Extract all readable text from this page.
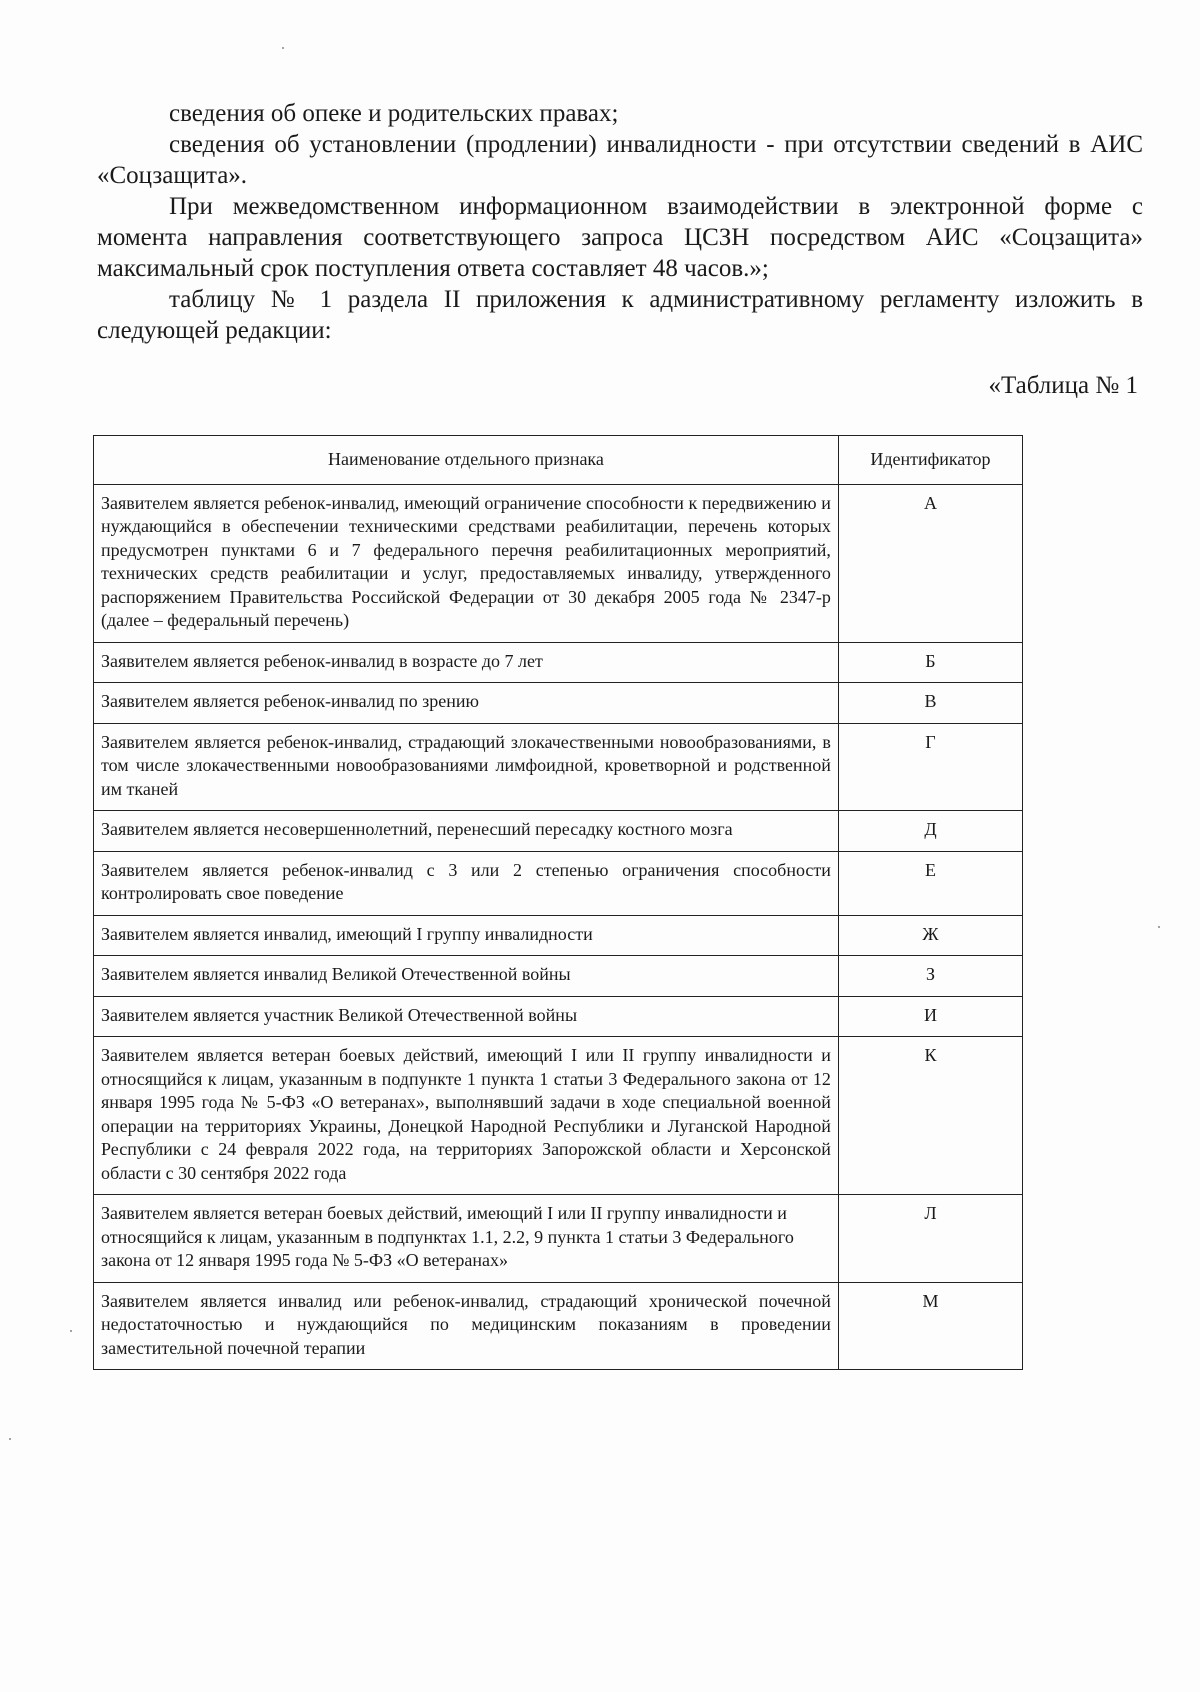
сведения об опеке и родительских правах;

сведения об установлении (продлении) инвалидности - при отсутствии сведений в АИС «Соцзащита».

При межведомственном информационном взаимодействии в электронной форме с момента направления соответствующего запроса ЦСЗН посредством АИС «Соцзащита» максимальный срок поступления ответа составляет 48 часов.»;

таблицу № 1 раздела II приложения к административному регламенту изложить в следующей редакции:

«Таблица № 1
Наименование отдельного признака	Идентификатор
Заявителем является ребенок-инвалид, имеющий ограничение способности к передвижению и нуждающийся в обеспечении техническими средствами реабилитации, перечень которых предусмотрен пунктами 6 и 7 федерального перечня реабилитационных мероприятий, технических средств реабилитации и услуг, предоставляемых инвалиду, утвержденного распоряжением Правительства Российской Федерации от 30 декабря 2005 года № 2347-р (далее – федеральный перечень)	А
Заявителем является ребенок-инвалид в возрасте до 7 лет	Б
Заявителем является ребенок-инвалид по зрению	В
Заявителем является ребенок-инвалид, страдающий злокачественными новообразованиями, в том числе злокачественными новообразованиями лимфоидной, кроветворной и родственной им тканей	Г
Заявителем является несовершеннолетний, перенесший пересадку костного мозга	Д
Заявителем является ребенок-инвалид с 3 или 2 степенью ограничения способности контролировать свое поведение	Е
Заявителем является инвалид, имеющий I группу инвалидности	Ж
Заявителем является инвалид Великой Отечественной войны	З
Заявителем является участник Великой Отечественной войны	И
Заявителем является ветеран боевых действий, имеющий I или II группу инвалидности и относящийся к лицам, указанным в подпункте 1 пункта 1 статьи 3 Федерального закона от 12 января 1995 года № 5-ФЗ «О ветеранах», выполнявший задачи в ходе специальной военной операции на территориях Украины, Донецкой Народной Республики и Луганской Народной Республики с 24 февраля 2022 года, на территориях Запорожской области и Херсонской области с 30 сентября 2022 года	К
Заявителем является ветеран боевых действий, имеющий I или II группу инвалидности и относящийся к лицам, указанным в подпунктах 1.1, 2.2, 9 пункта 1 статьи 3 Федерального закона от 12 января 1995 года № 5-ФЗ «О ветеранах»	Л
Заявителем является инвалид или ребенок-инвалид, страдающий хронической почечной недостаточностью и нуждающийся по медицинским показаниям в проведении заместительной почечной терапии	М
